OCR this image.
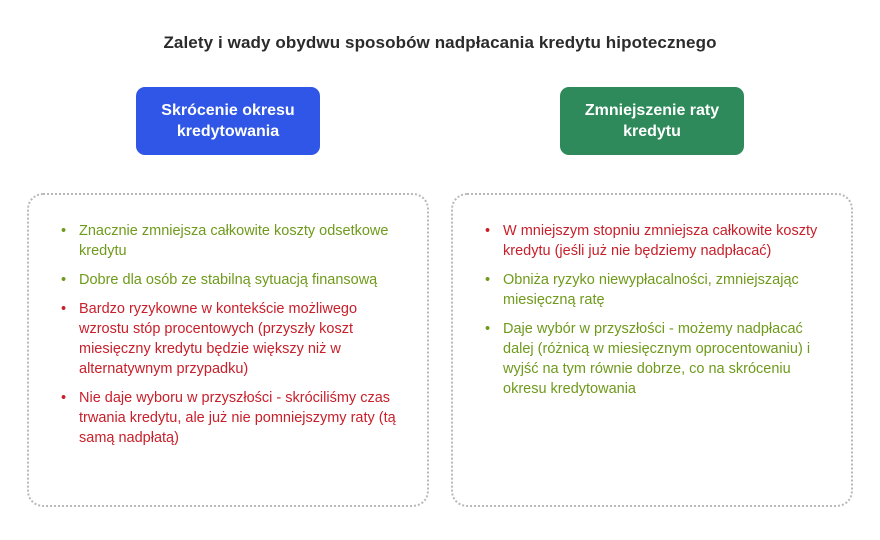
Zalety i wady obydwu sposobów nadpłacania kredytu hipotecznego
Skrócenie okresu
kredytowania
Zmniejszenie raty
kredytu
• Znacznie zmniejsza całkowite koszty odsetkowe kredytu
• Dobre dla osób ze stabilną sytuacją finansową
• Bardzo ryzykowne w kontekście możliwego wzrostu stóp procentowych (przyszły koszt miesięczny kredytu będzie większy niż w alternatywnym przypadku)
• Nie daje wyboru w przyszłości - skróciliśmy czas trwania kredytu, ale już nie pomniejszymy raty (tą samą nadpłatą)
• W mniejszym stopniu zmniejsza całkowite koszty kredytu (jeśli już nie będziemy nadpłacać)
• Obniża ryzyko niewypłacalności, zmniejszając miesięczną ratę
• Daje wybór w przyszłości - możemy nadpłacać dalej (różnicą w miesięcznym oprocentowaniu) i wyjść na tym równie dobrze, co na skróceniu okresu kredytowania
